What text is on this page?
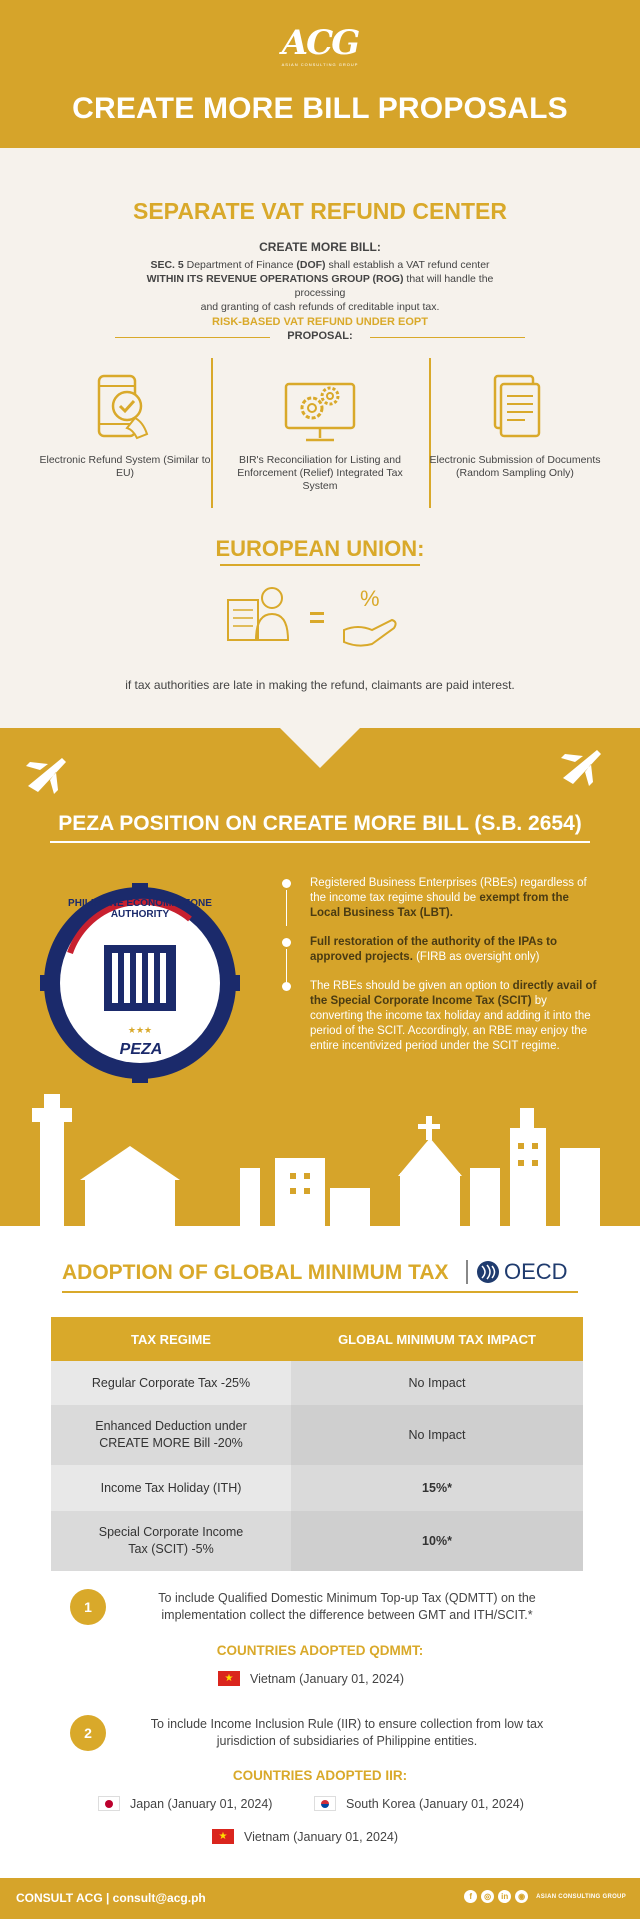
ACG
ASIAN CONSULTING GROUP
CREATE MORE BILL PROPOSALS
SEPARATE VAT REFUND CENTER
CREATE MORE BILL:
SEC. 5 Department of Finance (DOF) shall establish a VAT refund center
WITHIN ITS REVENUE OPERATIONS GROUP (ROG) that will handle the processing
and granting of cash refunds of creditable input tax.
RISK-BASED VAT REFUND UNDER EOPT
PROPOSAL:
Electronic Refund System (Similar to EU)
BIR's Reconciliation for Listing and Enforcement (Relief) Integrated Tax System
Electronic Submission of Documents (Random Sampling Only)
EUROPEAN UNION:
%
if tax authorities are late in making the refund, claimants are paid interest.
PEZA POSITION ON CREATE MORE BILL (S.B. 2654)
★★★
PEZA
PHILIPPINE ECONOMIC ZONE AUTHORITY
Registered Business Enterprises (RBEs) regardless of the income tax regime should be exempt from the Local Business Tax (LBT).
Full restoration of the authority of the IPAs to approved projects. (FIRB as oversight only)
The RBEs should be given an option to directly avail of the Special Corporate Income Tax (SCIT) by converting the income tax holiday and adding it into the period of the SCIT. Accordingly, an RBE may enjoy the entire incentivized period under the SCIT regime.
ADOPTION OF GLOBAL MINIMUM TAX	OECD
TAX REGIME	GLOBAL MINIMUM TAX IMPACT
Regular Corporate Tax -25%	No Impact
Enhanced Deduction under CREATE MORE Bill -20%	No Impact
Income Tax Holiday (ITH)	15%*
Special Corporate Income Tax (SCIT) -5%	10%*
1
To include Qualified Domestic Minimum Top-up Tax (QDMTT) on the implementation collect the difference between GMT and ITH/SCIT.*
COUNTRIES ADOPTED QDMMT:
★	Vietnam (January 01, 2024)
2
To include Income Inclusion Rule (IIR) to ensure collection from low tax jurisdiction of subsidiaries of Philippine entities.
COUNTRIES ADOPTED IIR:
Japan (January 01, 2024)	South Korea (January 01, 2024)
★	Vietnam (January 01, 2024)
CONSULT ACG | consult@acg.ph	f	◎	in	◉	ASIAN CONSULTING GROUP
